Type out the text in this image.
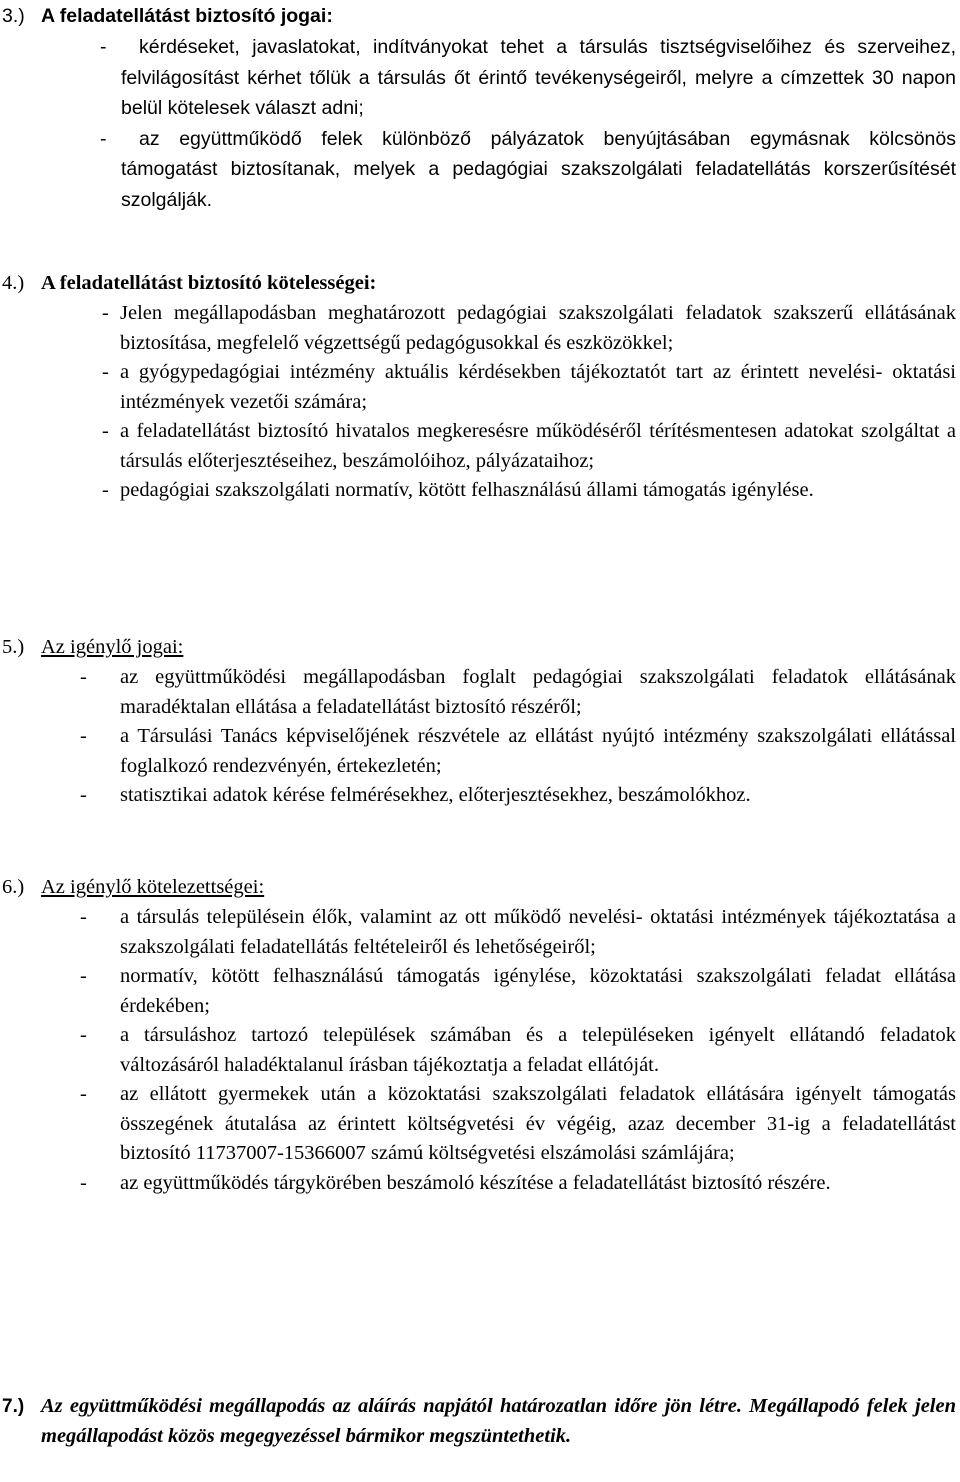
3.) A feladatellátást biztosító jogai:

-	kérdéseket, javaslatokat, indítványokat tehet a társulás tisztségviselőihez és szerveihez, felvilágosítást kérhet tőlük a társulás őt érintő tevékenységeiről, melyre a címzettek 30 napon belül kötelesek választ adni;

-	az együttműködő felek különböző pályázatok benyújtásában egymásnak kölcsönös támogatást biztosítanak, melyek a pedagógiai szakszolgálati feladatellátás korszerűsítését szolgálják.

4.) A feladatellátást biztosító kötelességei:

- Jelen megállapodásban meghatározott pedagógiai szakszolgálati feladatok szakszerű ellátásának biztosítása, megfelelő végzettségű pedagógusokkal és eszközökkel;

- a gyógypedagógiai intézmény aktuális kérdésekben tájékoztatót tart az érintett nevelési- oktatási intézmények vezetői számára;

- a feladatellátást biztosító hivatalos megkeresésre működéséről térítésmentesen adatokat szolgáltat a társulás előterjesztéseihez, beszámolóihoz, pályázataihoz;

- pedagógiai szakszolgálati normatív, kötött felhasználású állami támogatás igénylése.

5.) Az igénylő jogai:

- az együttműködési megállapodásban foglalt pedagógiai szakszolgálati feladatok ellátásának maradéktalan ellátása a feladatellátást biztosító részéről;

- a Társulási Tanács képviselőjének részvétele az ellátást nyújtó intézmény szakszolgálati ellátással foglalkozó rendezvényén, értekezletén;

- statisztikai adatok kérése felmérésekhez, előterjesztésekhez, beszámolókhoz.

6.) Az igénylő kötelezettségei:

- a társulás településein élők, valamint az ott működő nevelési- oktatási intézmények tájékoztatása a szakszolgálati feladatellátás feltételeiről és lehetőségeiről;

- normatív, kötött felhasználású támogatás igénylése, közoktatási szakszolgálati feladat ellátása érdekében;

- a társuláshoz tartozó települések számában és a településeken igényelt ellátandó feladatok változásáról haladéktalanul írásban tájékoztatja a feladat ellátóját.

- az ellátott gyermekek után a közoktatási szakszolgálati feladatok ellátására igényelt támogatás összegének átutalása az érintett költségvetési év végéig, azaz december 31-ig a feladatellátást biztosító 11737007-15366007 számú költségvetési elszámolási számlájára;

- az együttműködés tárgykörében beszámoló készítése a feladatellátást biztosító részére.

7.) Az együttműködési megállapodás az aláírás napjától határozatlan időre jön létre. Megállapodó felek jelen megállapodást közös megegyezéssel bármikor megszüntethetik.
